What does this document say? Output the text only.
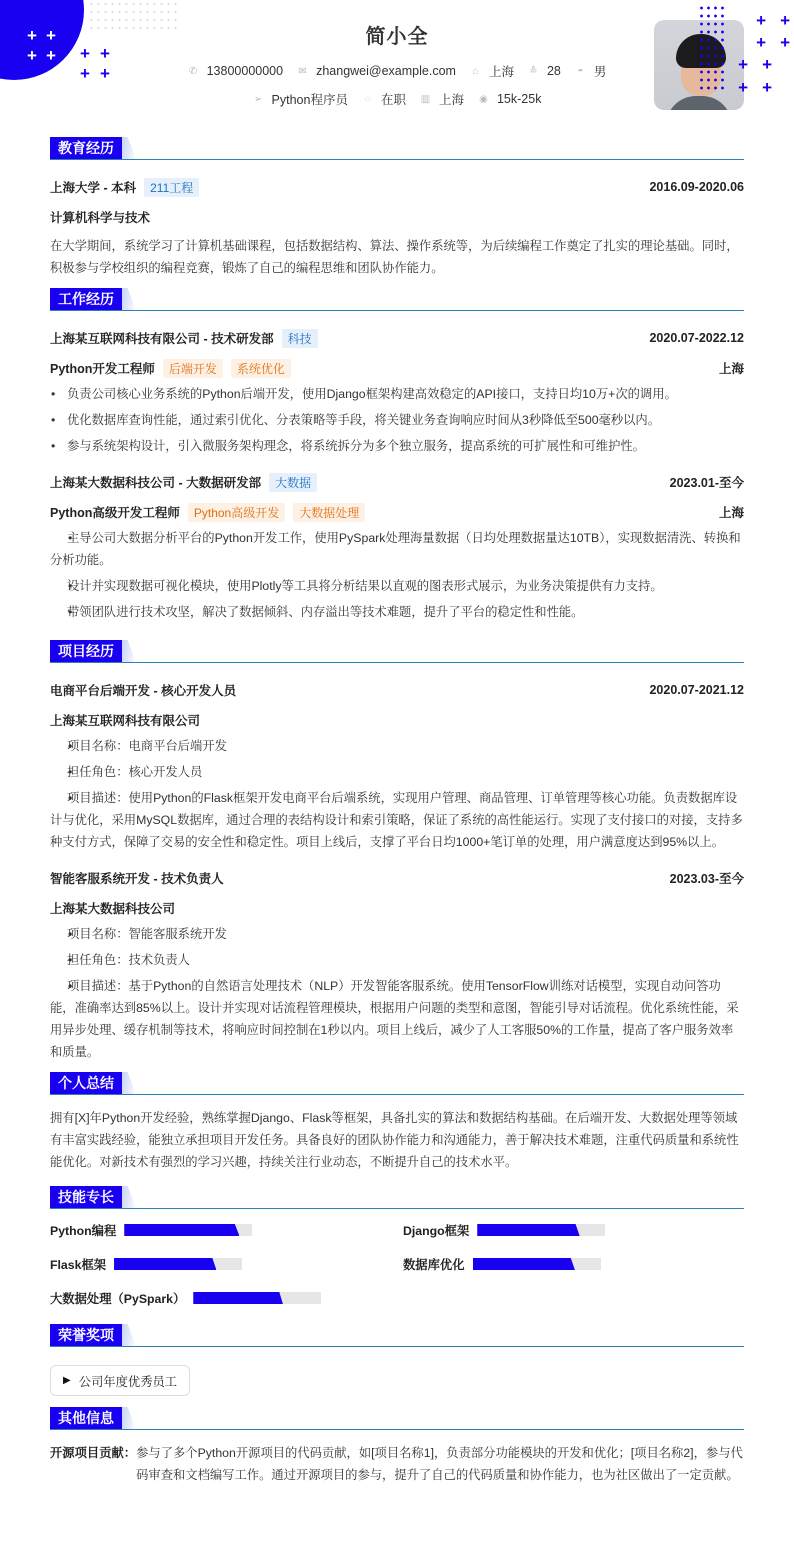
+ +
+ + + +
+ +
简小全
✆ 13800000000 ✉ zhangwei@example.com ⌂ 上海 ≙ 28 ◓ 男
➢ Python程序员 ◌ 在职 ▥ 上海 ◉ 15k-25k
+ +
+ +
+ +
+ +
教育经历
上海大学 - 本科	211工程	2016.09-2020.06
计算机科学与技术

在大学期间，系统学习了计算机基础课程，包括数据结构、算法、操作系统等，为后续编程工作奠定了扎实的理论基础。同时，积极参与学校组织的编程竞赛，锻炼了自己的编程思维和团队协作能力。

工作经历
上海某互联网科技有限公司 - 技术研发部	科技	2020.07-2022.12
Python开发工程师	后端开发	系统优化	上海
• 负责公司核心业务系统的Python后端开发，使用Django框架构建高效稳定的API接口，支持日均10万+次的调用。
• 优化数据库查询性能，通过索引优化、分表策略等手段，将关键业务查询响应时间从3秒降低至500毫秒以内。
• 参与系统架构设计，引入微服务架构理念，将系统拆分为多个独立服务，提高系统的可扩展性和可维护性。
上海某大数据科技公司 - 大数据研发部	大数据	2023.01-至今
Python高级开发工程师	Python高级开发	大数据处理	上海
• 主导公司大数据分析平台的Python开发工作，使用PySpark处理海量数据（日均处理数据量达10TB），实现数据清洗、转换和分析功能。
• 设计并实现数据可视化模块，使用Plotly等工具将分析结果以直观的图表形式展示，为业务决策提供有力支持。
• 带领团队进行技术攻坚，解决了数据倾斜、内存溢出等技术难题，提升了平台的稳定性和性能。
项目经历
电商平台后端开发 - 核心开发人员	2020.07-2021.12
上海某互联网科技有限公司
• 项目名称：电商平台后端开发
• 担任角色：核心开发人员
• 项目描述：使用Python的Flask框架开发电商平台后端系统，实现用户管理、商品管理、订单管理等核心功能。负责数据库设计与优化，采用MySQL数据库，通过合理的表结构设计和索引策略，保证了系统的高性能运行。实现了支付接口的对接，支持多种支付方式，保障了交易的安全性和稳定性。项目上线后，支撑了平台日均1000+笔订单的处理，用户满意度达到95%以上。
智能客服系统开发 - 技术负责人	2023.03-至今
上海某大数据科技公司
• 项目名称：智能客服系统开发
• 担任角色：技术负责人
• 项目描述：基于Python的自然语言处理技术（NLP）开发智能客服系统。使用TensorFlow训练对话模型，实现自动问答功能，准确率达到85%以上。设计并实现对话流程管理模块，根据用户问题的类型和意图，智能引导对话流程。优化系统性能，采用异步处理、缓存机制等技术，将响应时间控制在1秒以内。项目上线后，减少了人工客服50%的工作量，提高了客户服务效率和质量。
个人总结

拥有[X]年Python开发经验，熟练掌握Django、Flask等框架，具备扎实的算法和数据结构基础。在后端开发、大数据处理等领域有丰富实践经验，能独立承担项目开发任务。具备良好的团队协作能力和沟通能力，善于解决技术难题，注重代码质量和系统性能优化。对新技术有强烈的学习兴趣，持续关注行业动态，不断提升自己的技术水平。

技能专长
Python编程	Django框架
Flask框架	数据库优化
大数据处理（PySpark）
荣誉奖项
▶ 公司年度优秀员工
其他信息
开源项目贡献： 参与了多个Python开源项目的代码贡献，如[项目名称1]，负责部分功能模块的开发和优化；[项目名称2]，参与代码审查和文档编写工作。通过开源项目的参与，提升了自己的代码质量和协作能力，也为社区做出了一定贡献。
